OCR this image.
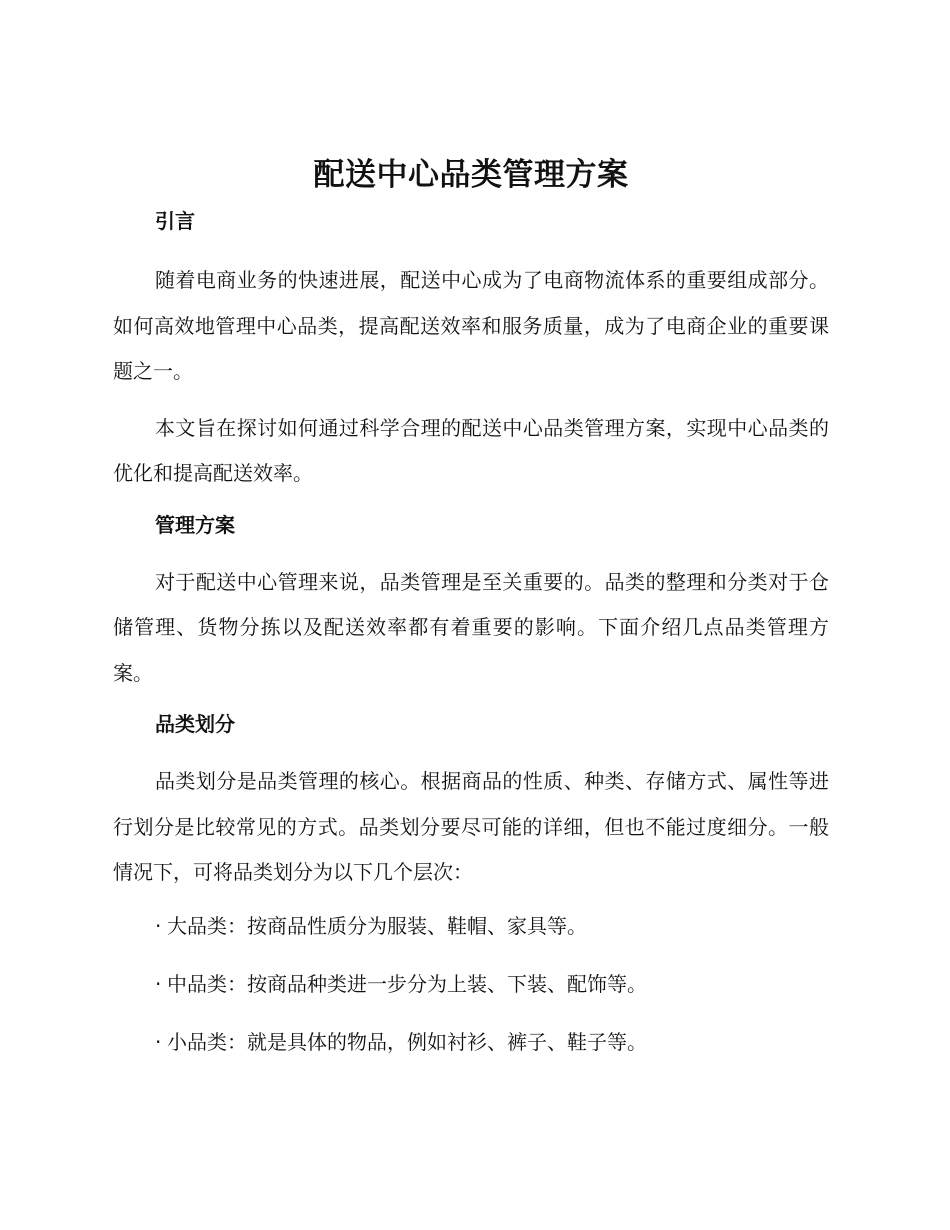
配送中心品类管理方案
引言

随着电商业务的快速进展，配送中心成为了电商物流体系的重要组成部分。如何高效地管理中心品类，提高配送效率和服务质量，成为了电商企业的重要课题之一。

本文旨在探讨如何通过科学合理的配送中心品类管理方案，实现中心品类的优化和提高配送效率。

管理方案

对于配送中心管理来说，品类管理是至关重要的。品类的整理和分类对于仓储管理、货物分拣以及配送效率都有着重要的影响。下面介绍几点品类管理方案。

品类划分

品类划分是品类管理的核心。根据商品的性质、种类、存储方式、属性等进行划分是比较常见的方式。品类划分要尽可能的详细，但也不能过度细分。一般情况下，可将品类划分为以下几个层次：

· 大品类：按商品性质分为服装、鞋帽、家具等。

· 中品类：按商品种类进一步分为上装、下装、配饰等。

· 小品类：就是具体的物品，例如衬衫、裤子、鞋子等。
